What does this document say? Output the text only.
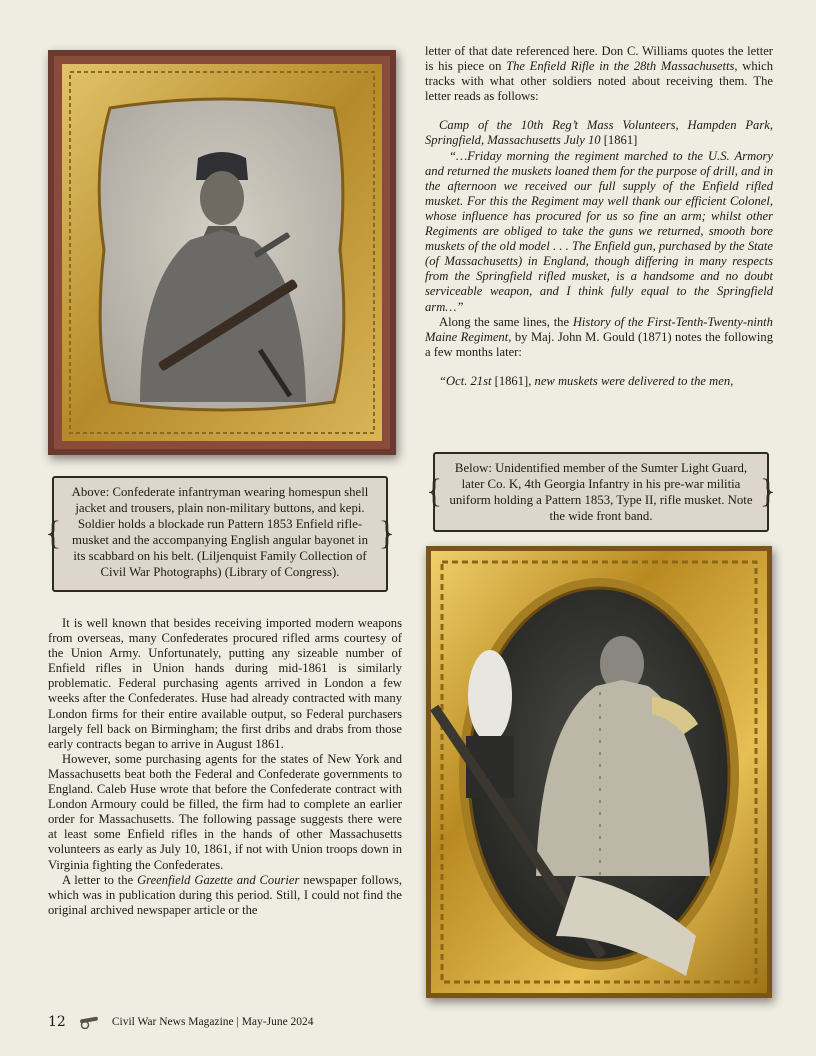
{ Above: Confederate infantryman wearing homespun shell jacket and trousers, plain non-military buttons, and kepi. Soldier holds a blockade run Pattern 1853 Enfield rifle-musket and the accompanying English angular bayonet in its scabbard on his belt. (Liljenquist Family Collection of Civil War Photographs) (Library of Congress). }

It is well known that besides receiving imported modern weapons from overseas, many Confederates procured rifled arms courtesy of the Union Army. Unfortunately, putting any sizeable number of Enfield rifles in Union hands during mid-1861 is similarly problematic. Federal purchasing agents arrived in London a few weeks after the Confederates. Huse had already contracted with many London firms for their entire available output, so Federal purchasers largely fell back on Birmingham; the first dribs and drabs from those early contracts began to arrive in August 1861.

However, some purchasing agents for the states of New York and Massachusetts beat both the Federal and Confederate governments to England. Caleb Huse wrote that before the Confederate contract with London Armoury could be filled, the firm had to complete an earlier order for Massachusetts. The following passage suggests there were at least some Enfield rifles in the hands of other Massachusetts volunteers as early as July 10, 1861, if not with Union troops down in Virginia fighting the Confederates.

A letter to the Greenfield Gazette and Courier newspaper follows, which was in publication during this period. Still, I could not find the original archived newspaper article or the

letter of that date referenced here. Don C. Williams quotes the letter is his piece on The Enfield Rifle in the 28th Massachusetts, which tracks with what other soldiers noted about receiving them. The letter reads as follows:

Camp of the 10th Reg’t Mass Volunteers, Hampden Park, Springfield, Massachusetts July 10 [1861]

“…Friday morning the regiment marched to the U.S. Armory and returned the muskets loaned them for the purpose of drill, and in the afternoon we received our full supply of the Enfield rifled musket. For this the Regiment may well thank our efficient Colonel, whose influence has procured for us so fine an arm; whilst other Regiments are obliged to take the guns we returned, smooth bore muskets of the old model . . . The Enfield gun, purchased by the State (of Massachusetts) in England, though differing in many respects from the Springfield rifled musket, is a handsome and no doubt serviceable weapon, and I think fully equal to the Springfield arm…”

Along the same lines, the History of the First-Tenth-Twenty-ninth Maine Regiment, by Maj. John M. Gould (1871) notes the following a few months later:

“Oct. 21st [1861], new muskets were delivered to the men,

{ Below: Unidentified member of the Sumter Light Guard, later Co. K, 4th Georgia Infantry in his pre-war militia uniform holding a Pattern 1853, Type II, rifle musket. Note the wide front band. }
12	Civil War News Magazine | May-June 2024
